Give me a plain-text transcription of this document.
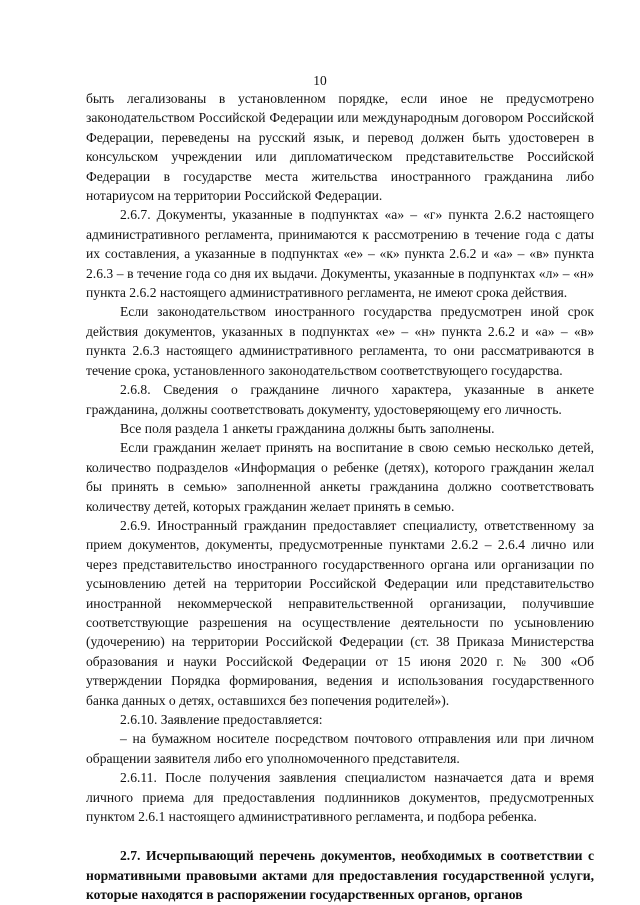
10

быть легализованы в установленном порядке, если иное не предусмотрено законодательством Российской Федерации или международным договором Российской Федерации, переведены на русский язык, и перевод должен быть удостоверен в консульском учреждении или дипломатическом представительстве Российской Федерации в государстве места жительства иностранного гражданина либо нотариусом на территории Российской Федерации.

2.6.7. Документы, указанные в подпунктах «а» – «г» пункта 2.6.2 настоящего административного регламента, принимаются к рассмотрению в течение года с даты их составления, а указанные в подпунктах «е» – «к» пункта 2.6.2 и «а» – «в» пункта 2.6.3 – в течение года со дня их выдачи. Документы, указанные в подпунктах «л» – «н» пункта 2.6.2 настоящего административного регламента, не имеют срока действия.

Если законодательством иностранного государства предусмотрен иной срок действия документов, указанных в подпунктах «е» – «н» пункта 2.6.2 и «а» – «в» пункта 2.6.3 настоящего административного регламента, то они рассматриваются в течение срока, установленного законодательством соответствующего государства.

2.6.8. Сведения о гражданине личного характера, указанные в анкете гражданина, должны соответствовать документу, удостоверяющему его личность.

Все поля раздела 1 анкеты гражданина должны быть заполнены.

Если гражданин желает принять на воспитание в свою семью несколько детей, количество подразделов «Информация о ребенке (детях), которого гражданин желал бы принять в семью» заполненной анкеты гражданина должно соответствовать количеству детей, которых гражданин желает принять в семью.

2.6.9. Иностранный гражданин предоставляет специалисту, ответственному за прием документов, документы, предусмотренные пунктами 2.6.2 – 2.6.4 лично или через представительство иностранного государственного органа или организации по усыновлению детей на территории Российской Федерации или представительство иностранной некоммерческой неправительственной организации, получившие соответствующие разрешения на осуществление деятельности по усыновлению (удочерению) на территории Российской Федерации (ст. 38 Приказа Министерства образования и науки Российской Федерации от 15 июня 2020 г. № 300 «Об утверждении Порядка формирования, ведения и использования государственного банка данных о детях, оставшихся без попечения родителей»).

2.6.10. Заявление предоставляется:

– на бумажном носителе посредством почтового отправления или при личном обращении заявителя либо его уполномоченного представителя.

2.6.11. После получения заявления специалистом назначается дата и время личного приема для предоставления подлинников документов, предусмотренных пунктом 2.6.1 настоящего административного регламента, и подбора ребенка.

2.7. Исчерпывающий перечень документов, необходимых в соответствии с нормативными правовыми актами для предоставления государственной услуги, которые находятся в распоряжении государственных органов, органов
